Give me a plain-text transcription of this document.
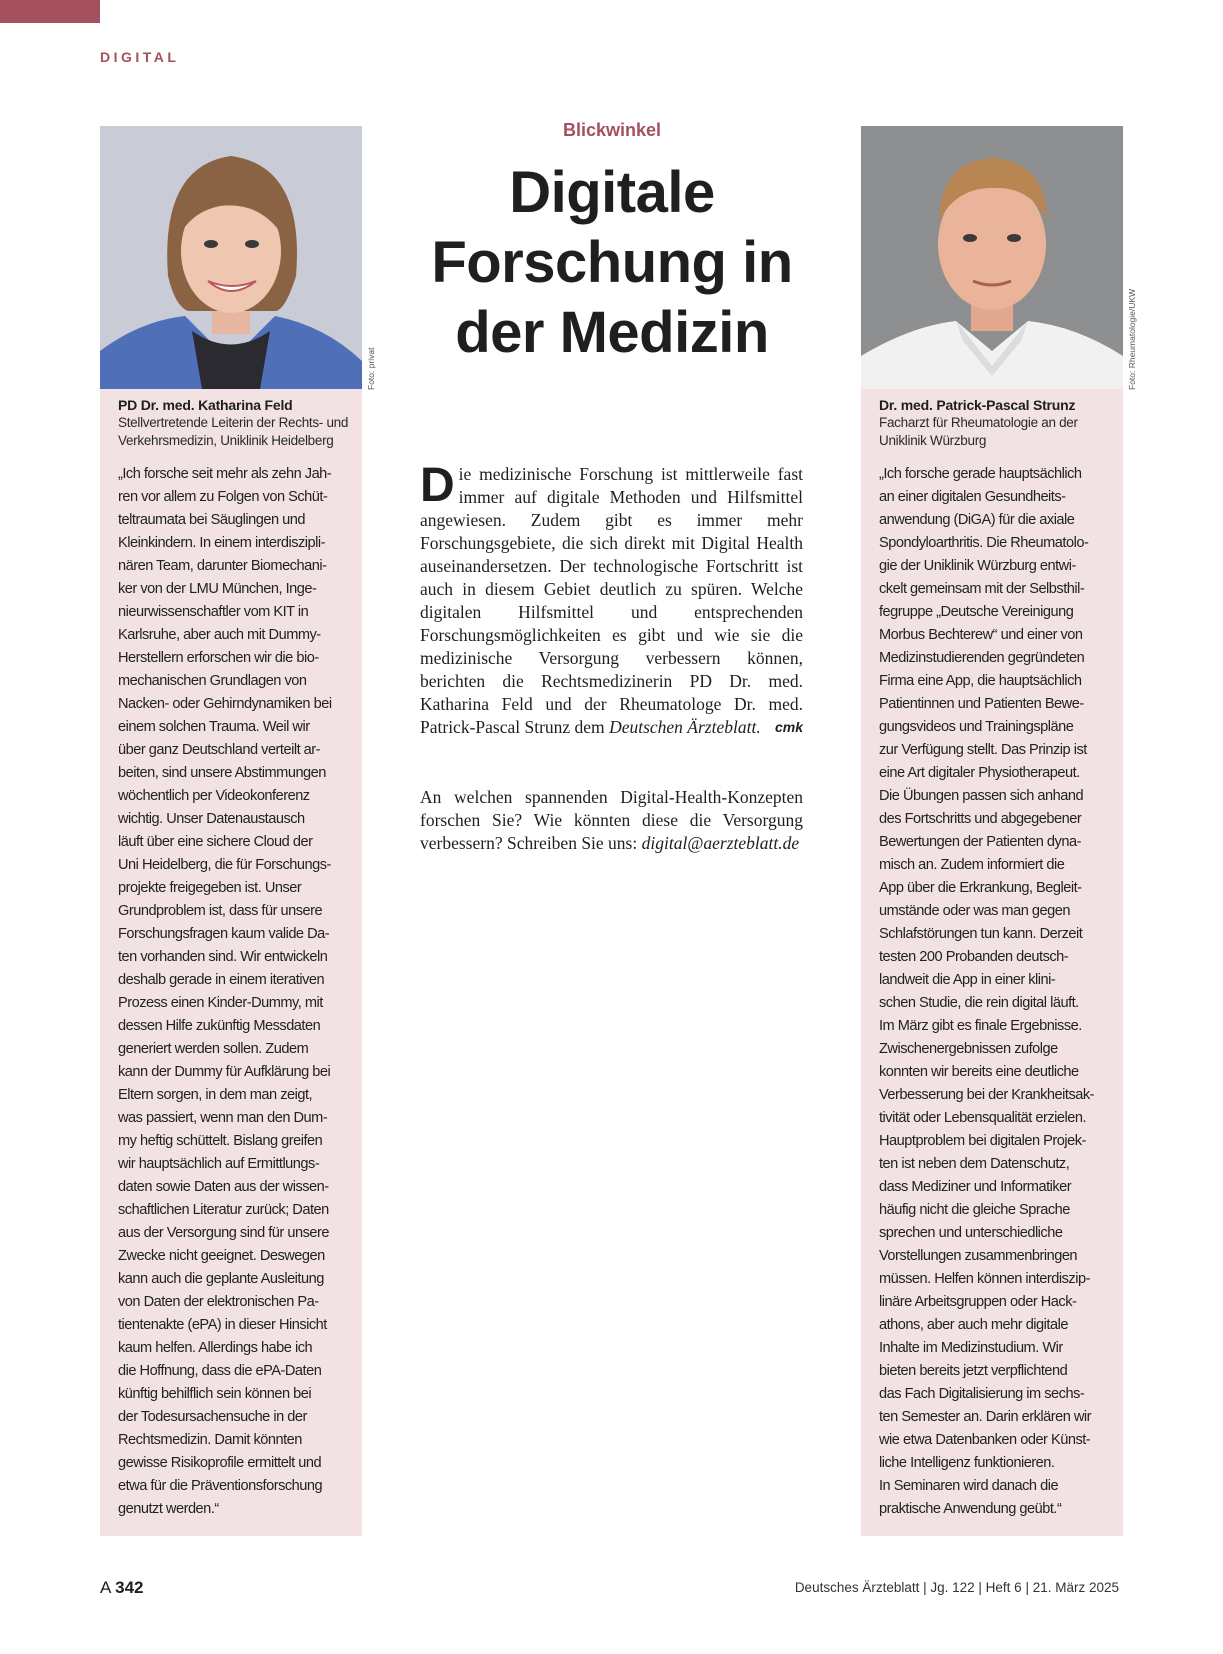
DIGITAL
PD Dr. med. Katharina Feld
Stellvertretende Leiterin der Rechts- und Verkehrsmedizin, Uniklinik Heidelberg
„Ich forsche seit mehr als zehn Jah-
ren vor allem zu Folgen von Schüt-
teltraumata bei Säuglingen und
Kleinkindern. In einem interdiszipli-
nären Team, darunter Biomechani-
ker von der LMU München, Inge-
nieurwissenschaftler vom KIT in
Karlsruhe, aber auch mit Dummy-
Herstellern erforschen wir die bio-
mechanischen Grundlagen von
Nacken- oder Gehirndynamiken bei
einem solchen Trauma. Weil wir
über ganz Deutschland verteilt ar-
beiten, sind unsere Abstimmungen
wöchentlich per Videokonferenz
wichtig. Unser Datenaustausch
läuft über eine sichere Cloud der
Uni Heidelberg, die für Forschungs-
projekte freigegeben ist. Unser
Grundproblem ist, dass für unsere
Forschungsfragen kaum valide Da-
ten vorhanden sind. Wir entwickeln
deshalb gerade in einem iterativen
Prozess einen Kinder-Dummy, mit
dessen Hilfe zukünftig Messdaten
generiert werden sollen. Zudem
kann der Dummy für Aufklärung bei
Eltern sorgen, in dem man zeigt,
was passiert, wenn man den Dum-
my heftig schüttelt. Bislang greifen
wir hauptsächlich auf Ermittlungs-
daten sowie Daten aus der wissen-
schaftlichen Literatur zurück; Daten
aus der Versorgung sind für unsere
Zwecke nicht geeignet. Deswegen
kann auch die geplante Ausleitung
von Daten der elektronischen Pa-
tientenakte (ePA) in dieser Hinsicht
kaum helfen. Allerdings habe ich
die Hoffnung, dass die ePA-Daten
künftig behilflich sein können bei
der Todesursachensuche in der
Rechtsmedizin. Damit könnten
gewisse Risikoprofile ermittelt und
etwa für die Präventionsforschung
genutzt werden.“
Foto: privat
Blickwinkel
Digitale
Forschung in
der Medizin
Die medizinische Forschung ist mittlerweile fast immer auf digitale Methoden und Hilfsmittel angewiesen. Zudem gibt es immer mehr Forschungsgebiete, die sich direkt mit Digital Health auseinandersetzen. Der technologische Fortschritt ist auch in diesem Gebiet deutlich zu spüren. Welche digitalen Hilfsmittel und entsprechenden Forschungsmöglichkeiten es gibt und wie sie die medizinische Versorgung verbessern können, berichten die Rechtsmedizinerin PD Dr. med. Katharina Feld und der Rheumatologe Dr. med. Patrick-Pascal Strunz dem Deutschen Ärzteblatt. cmk
An welchen spannenden Digital-Health-Konzepten forschen Sie? Wie könnten diese die Versorgung verbessern? Schreiben Sie uns: digital@aerzteblatt.de
Dr. med. Patrick-Pascal Strunz
Facharzt für Rheumatologie an der Uniklinik Würzburg
„Ich forsche gerade hauptsächlich
an einer digitalen Gesundheits-
anwendung (DiGA) für die axiale
Spondyloarthritis. Die Rheumatolo-
gie der Uniklinik Würzburg entwi-
ckelt gemeinsam mit der Selbsthil-
fegruppe „Deutsche Vereinigung
Morbus Bechterew“ und einer von
Medizinstudierenden gegründeten
Firma eine App, die hauptsächlich
Patientinnen und Patienten Bewe-
gungsvideos und Trainingspläne
zur Verfügung stellt. Das Prinzip ist
eine Art digitaler Physiotherapeut.
Die Übungen passen sich anhand
des Fortschritts und abgegebener
Bewertungen der Patienten dyna-
misch an. Zudem informiert die
App über die Erkrankung, Begleit-
umstände oder was man gegen
Schlafstörungen tun kann. Derzeit
testen 200 Probanden deutsch-
landweit die App in einer klini-
schen Studie, die rein digital läuft.
Im März gibt es finale Ergebnisse.
Zwischenergebnissen zufolge
konnten wir bereits eine deutliche
Verbesserung bei der Krankheitsak-
tivität oder Lebensqualität erzielen.
Hauptproblem bei digitalen Projek-
ten ist neben dem Datenschutz,
dass Mediziner und Informatiker
häufig nicht die gleiche Sprache
sprechen und unterschiedliche
Vorstellungen zusammenbringen
müssen. Helfen können interdiszip-
linäre Arbeitsgruppen oder Hack-
athons, aber auch mehr digitale
Inhalte im Medizinstudium. Wir
bieten bereits jetzt verpflichtend
das Fach Digitalisierung im sechs-
ten Semester an. Darin erklären wir
wie etwa Datenbanken oder Künst-
liche Intelligenz funktionieren.
In Seminaren wird danach die
praktische Anwendung geübt.“
Foto: Rheumatologie/UKW
A 342	Deutsches Ärzteblatt | Jg. 122 | Heft 6 | 21. März 2025
